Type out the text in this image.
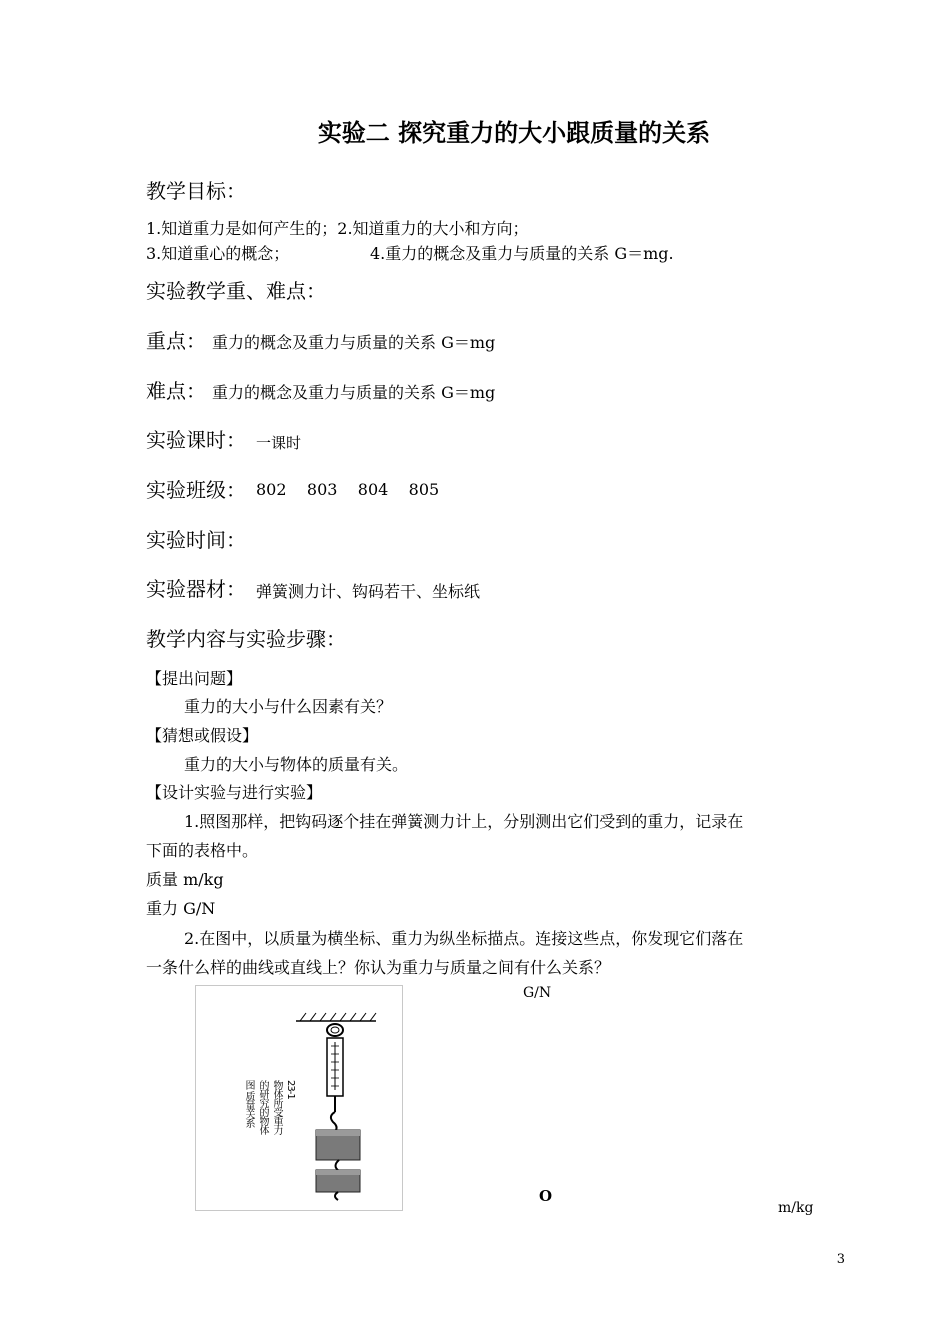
实验二 探究重力的大小跟质量的关系
教学目标：
1.知道重力是如何产生的；2.知道重力的大小和方向；
3.知道重心的概念；	4.重力的概念及重力与质量的关系 G＝mg.
实验教学重、难点：
重点： 重力的概念及重力与质量的关系 G＝mg
难点： 重力的概念及重力与质量的关系 G＝mg
实验课时： 一课时
实验班级： 802    803    804    805
实验时间：
实验器材： 弹簧测力计、钩码若干、坐标纸
教学内容与实验步骤：
【提出问题】
重力的大小与什么因素有关？
【猜想或假设】
重力的大小与物体的质量有关。
【设计实验与进行实验】
1.照图那样，把钩码逐个挂在弹簧测力计上，分别测出它们受到的重力，记录在
下面的表格中。
质量 m/kg
重力 G/N
2.在图中，以质量为横坐标、重力为纵坐标描点。连接这些点，你发现它们落在
一条什么样的曲线或直线上？你认为重力与质量之间有什么关系？
23-1
物体所受重力
的研究的物体
图 质量关系
G/N
O
m/kg
3
